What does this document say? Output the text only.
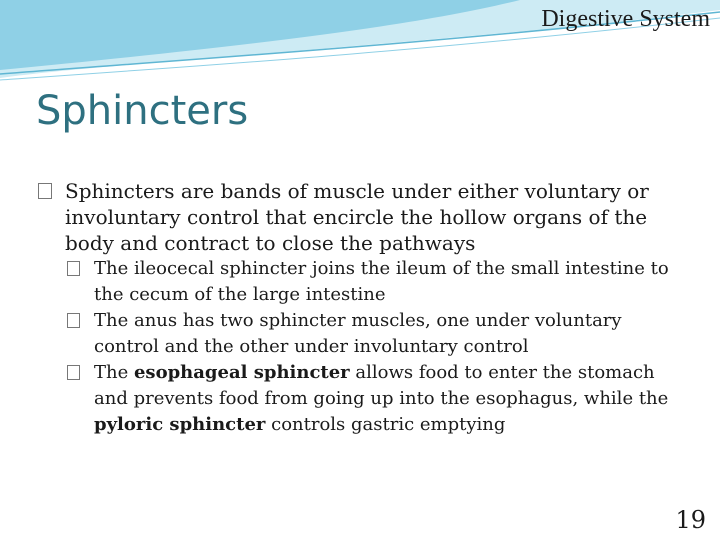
Digestive System
Sphincters
Sphincters are bands of muscle under either voluntary or involuntary control that encircle the hollow organs of the body and contract to close the pathways
The ileocecal sphincter joins the ileum of the small intestine to the cecum of the large intestine
The anus has two sphincter muscles, one under voluntary control and the other under involuntary control
The esophageal sphincter allows food to enter the stomach and prevents food from going up into the esophagus, while the pyloric sphincter controls gastric emptying
19
